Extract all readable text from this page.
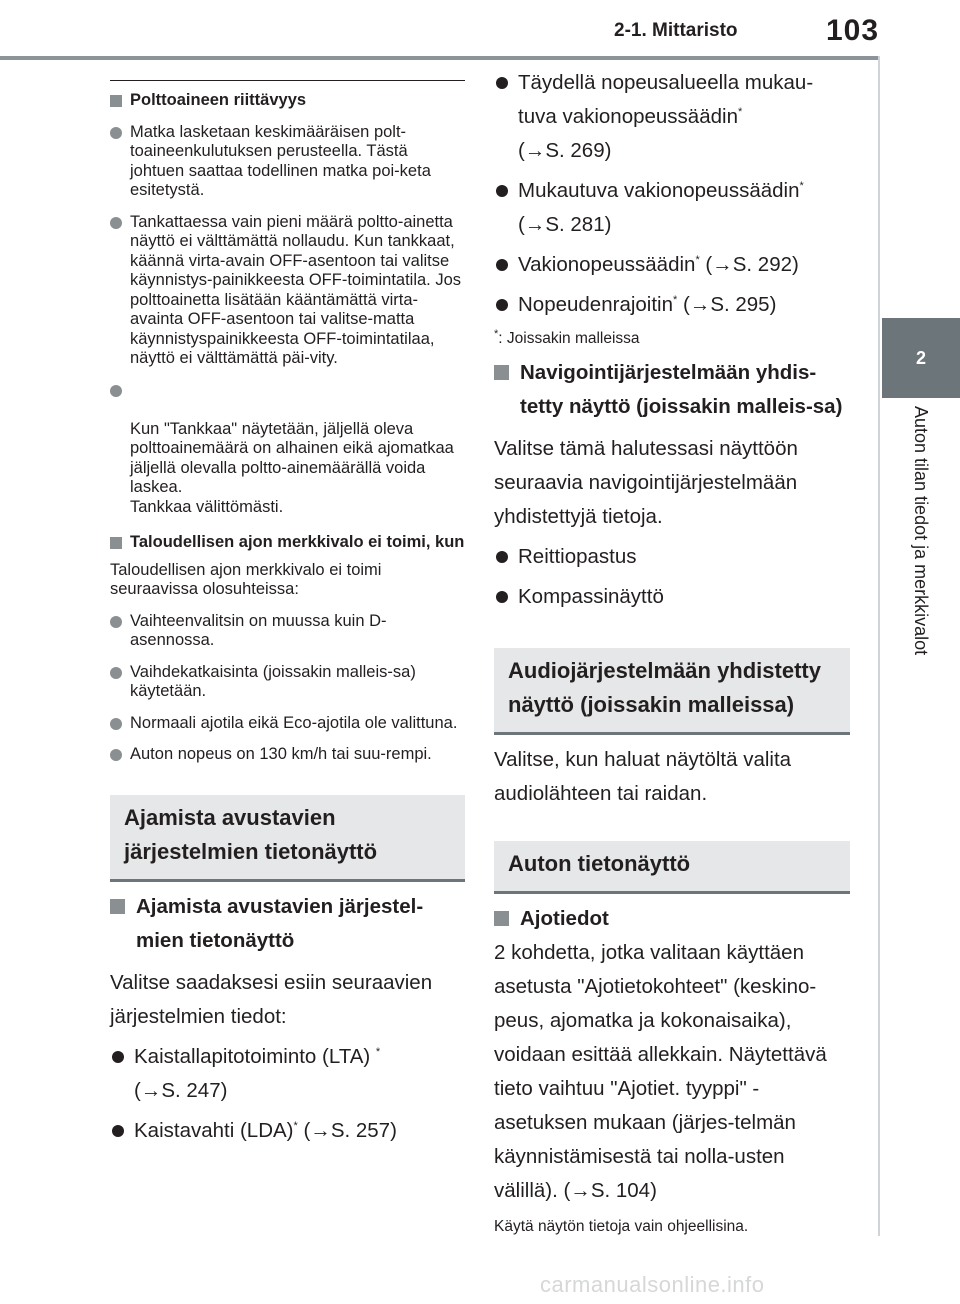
2-1. Mittaristo	103
2
Auton tilan tiedot ja merkkivalot
Polttoaineen riittävyys
Matka lasketaan keskimääräisen polt-toaineenkulutuksen perusteella. Tästä johtuen saattaa todellinen matka poi-keta esitetystä.
Tankattaessa vain pieni määrä poltto-ainetta näyttö ei välttämättä nollaudu. Kun tankkaat, käännä virta-avain OFF-asentoon tai valitse käynnistys-painikkeesta OFF-toimintatila. Jos polttoainetta lisätään kääntämättä virta-avainta OFF-asentoon tai valitse-matta käynnistyspainikkeesta OFF-toimintatilaa, näyttö ei välttämättä päi-vity.

Kun "Tankkaa" näytetään, jäljellä oleva polttoainemäärä on alhainen eikä ajomatkaa jäljellä olevalla poltto-ainemäärällä voida laskea.
Tankkaa välittömästi.

Taloudellisen ajon merkkivalo ei toimi, kun
Taloudellisen ajon merkkivalo ei toimi seuraavissa olosuhteissa:
Vaihteenvalitsin on muussa kuin D-asennossa.
Vaihdekatkaisinta (joissakin malleis-sa) käytetään.
Normaali ajotila eikä Eco-ajotila ole valittuna.
Auton nopeus on 130 km/h tai suu-rempi.
Ajamista avustavien järjestelmien tietonäyttö
Ajamista avustavien järjestel-mien tietonäyttö
Valitse saadaksesi esiin seuraavien järjestelmien tiedot:
Kaistallapitotoiminto (LTA) *
(→S. 247)
Kaistavahti (LDA)* (→S. 257)
Täydellä nopeusalueella mukau-tuva vakionopeussäädin*
(→S. 269)
Mukautuva vakionopeussäädin*
(→S. 281)
Vakionopeussäädin* (→S. 292)
Nopeudenrajoitin* (→S. 295)
*: Joissakin malleissa
Navigointijärjestelmään yhdis-tetty näyttö (joissakin malleis-sa)
Valitse tämä halutessasi näyttöön seuraavia navigointijärjestelmään yhdistettyjä tietoja.
Reittiopastus
Kompassinäyttö
Audiojärjestelmään yhdistetty näyttö (joissakin malleissa)
Valitse, kun haluat näytöltä valita audiolähteen tai raidan.
Auton tietonäyttö
Ajotiedot
2 kohdetta, jotka valitaan käyttäen asetusta "Ajotietokohteet" (keskino-peus, ajomatka ja kokonaisaika), voidaan esittää allekkain. Näytettävä tieto vaihtuu "Ajotiet. tyyppi" -asetuksen mukaan (järjes-telmän käynnistämisestä tai nolla-usten välillä). (→S. 104)
Käytä näytön tietoja vain ohjeellisina.
carmanualsonline.info
